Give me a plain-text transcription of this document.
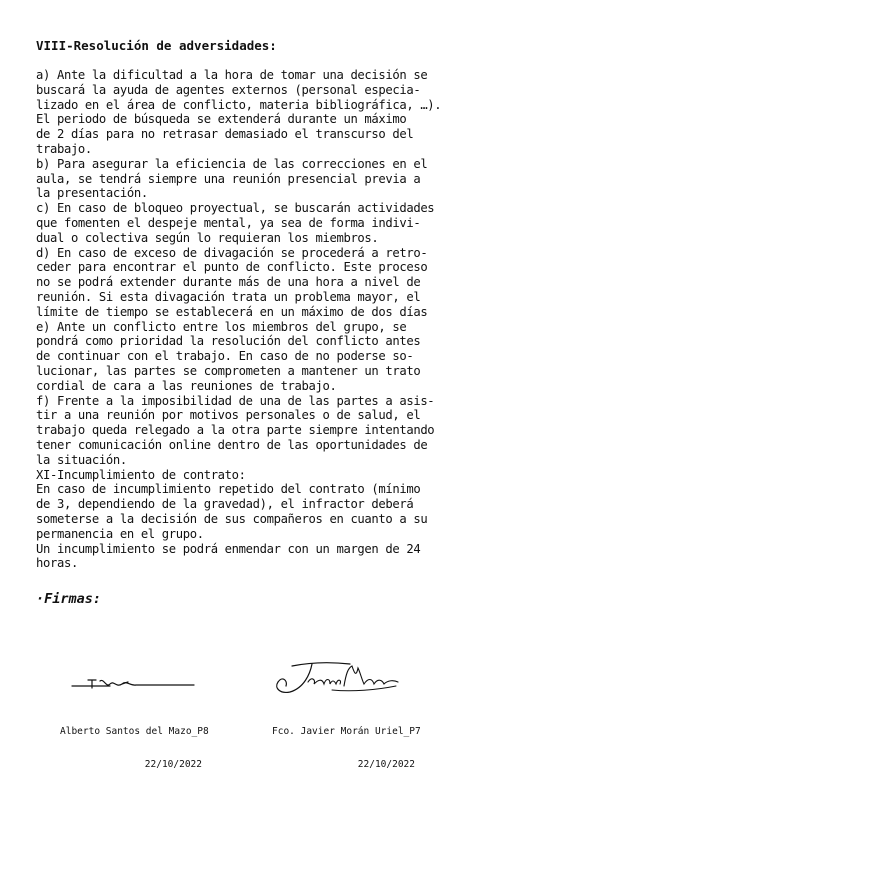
VIII-Resolución de adversidades:
a) Ante la dificultad a la hora de tomar una decisión se
buscará la ayuda de agentes externos (personal especia-
lizado en el área de conflicto, materia bibliográfica, …).
El periodo de búsqueda se extenderá durante un máximo
de 2 días para no retrasar demasiado el transcurso del
trabajo.
b) Para asegurar la eficiencia de las correcciones en el
aula, se tendrá siempre una reunión presencial previa a
la presentación.
c) En caso de bloqueo proyectual, se buscarán actividades
que fomenten el despeje mental, ya sea de forma indivi-
dual o colectiva según lo requieran los miembros.
d) En caso de exceso de divagación se procederá a retro-
ceder para encontrar el punto de conflicto. Este proceso
no se podrá extender durante más de una hora a nivel de
reunión. Si esta divagación trata un problema mayor, el
límite de tiempo se establecerá en un máximo de dos días
e) Ante un conflicto entre los miembros del grupo, se
pondrá como prioridad la resolución del conflicto antes
de continuar con el trabajo. En caso de no poderse so-
lucionar, las partes se comprometen a mantener un trato
cordial de cara a las reuniones de trabajo.
f) Frente a la imposibilidad de una de las partes a asis-
tir a una reunión por motivos personales o de salud, el
trabajo queda relegado a la otra parte siempre intentando
tener comunicación online dentro de las oportunidades de
la situación.
XI-Incumplimiento de contrato:
En caso de incumplimiento repetido del contrato (mínimo
de 3, dependiendo de la gravedad), el infractor deberá
someterse a la decisión de sus compañeros en cuanto a su
permanencia en el grupo.
Un incumplimiento se podrá enmendar con un margen de 24
horas.
·Firmas:

Alberto Santos del Mazo_P8

22/10/2022

Fco. Javier Morán Uriel_P7

22/10/2022
